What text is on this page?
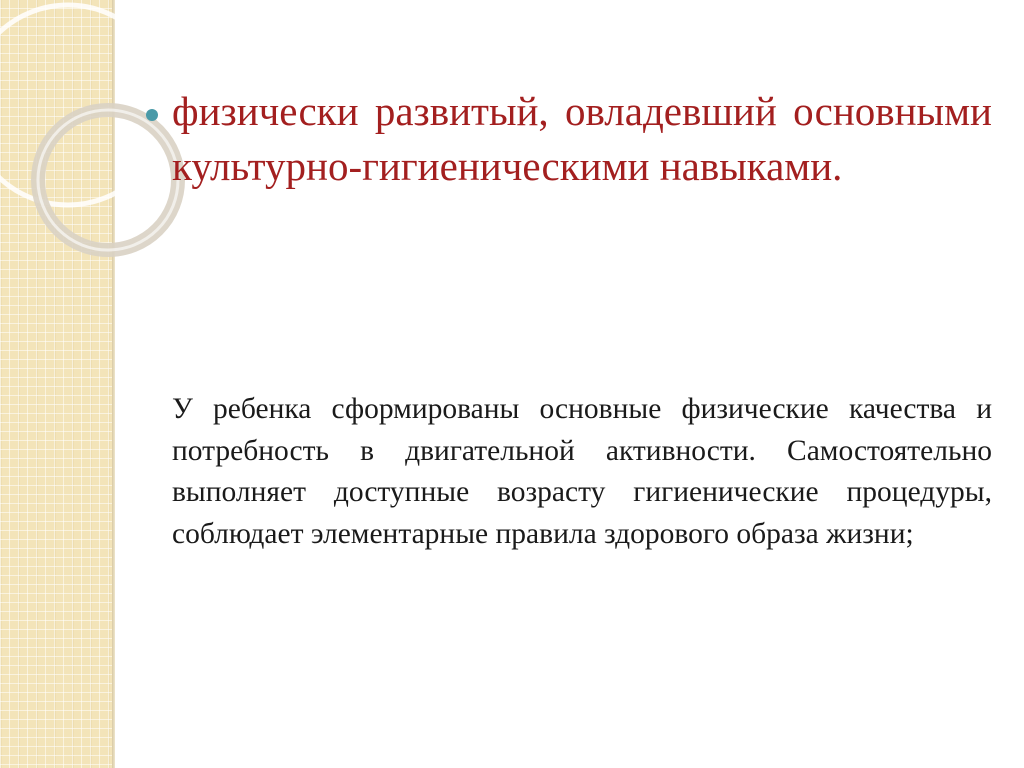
физически развитый, овладевший основными культурно-гигиеническими навыками.

У ребенка сформированы основные физические качества и потребность в двигательной активности. Самостоятельно выполняет доступные возрасту гигиенические процедуры, соблюдает элементарные правила здорового образа жизни;
